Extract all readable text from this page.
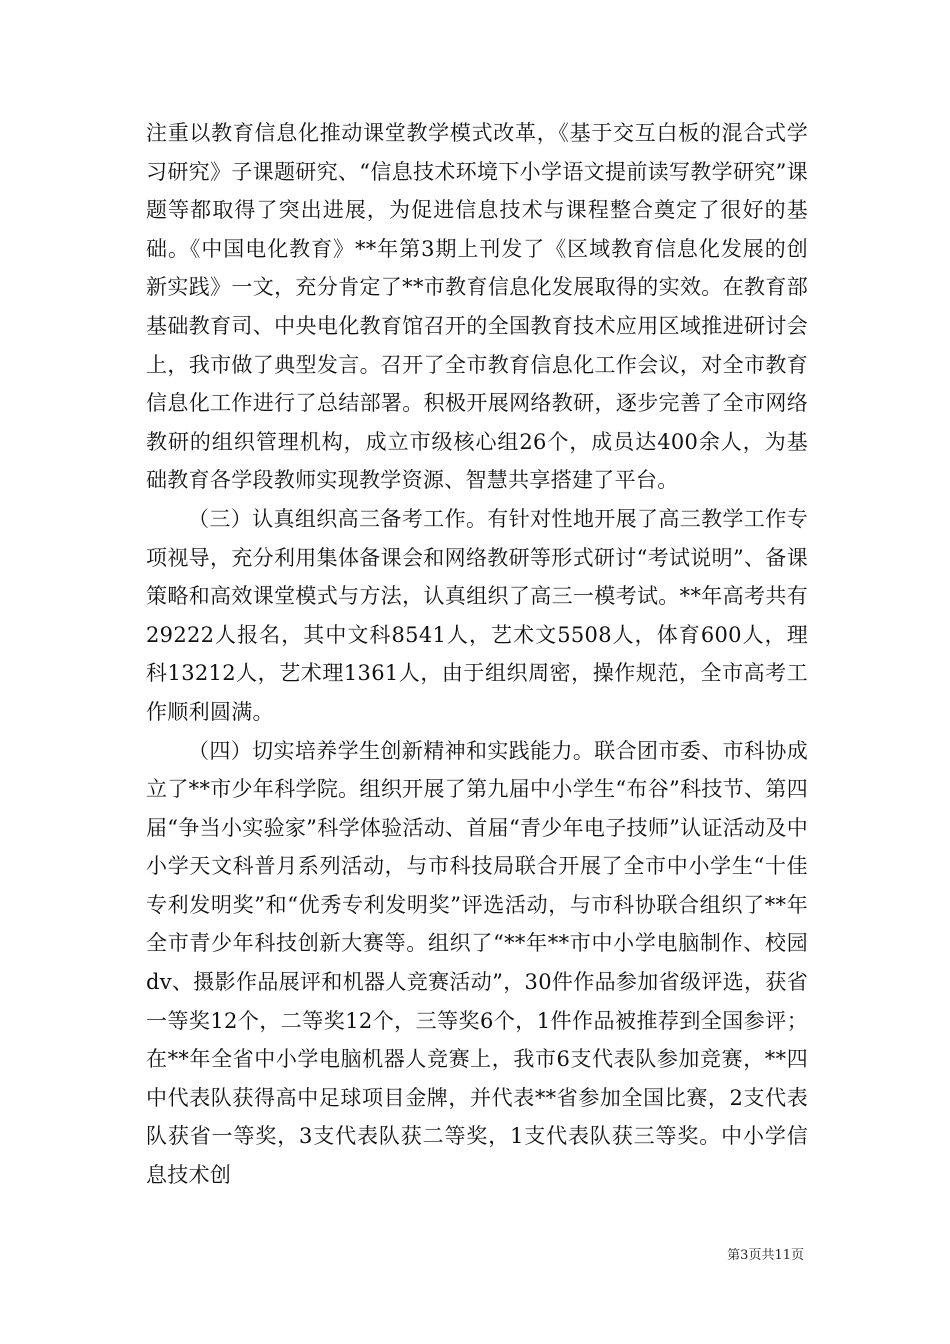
注重以教育信息化推动课堂教学模式改革，《基于交互白板的混合式学习研究》子课题研究、“信息技术环境下小学语文提前读写教学研究”课题等都取得了突出进展，为促进信息技术与课程整合奠定了很好的基础。《中国电化教育》**年第3期上刊发了《区域教育信息化发展的创新实践》一文，充分肯定了**市教育信息化发展取得的实效。在教育部基础教育司、中央电化教育馆召开的全国教育技术应用区域推进研讨会上，我市做了典型发言。召开了全市教育信息化工作会议，对全市教育信息化工作进行了总结部署。积极开展网络教研，逐步完善了全市网络教研的组织管理机构，成立市级核心组26个，成员达400余人，为基础教育各学段教师实现教学资源、智慧共享搭建了平台。

（三）认真组织高三备考工作。有针对性地开展了高三教学工作专项视导，充分利用集体备课会和网络教研等形式研讨“考试说明”、备课策略和高效课堂模式与方法，认真组织了高三一模考试。**年高考共有29222人报名，其中文科8541人，艺术文5508人，体育600人，理科13212人，艺术理1361人，由于组织周密，操作规范，全市高考工作顺利圆满。

（四）切实培养学生创新精神和实践能力。联合团市委、市科协成立了**市少年科学院。组织开展了第九届中小学生“布谷”科技节、第四届“争当小实验家”科学体验活动、首届“青少年电子技师”认证活动及中小学天文科普月系列活动，与市科技局联合开展了全市中小学生“十佳专利发明奖”和“优秀专利发明奖”评选活动，与市科协联合组织了**年全市青少年科技创新大赛等。组织了“**年**市中小学电脑制作、校园dv、摄影作品展评和机器人竞赛活动”，30件作品参加省级评选，获省一等奖12个，二等奖12个，三等奖6个，1件作品被推荐到全国参评；在**年全省中小学电脑机器人竞赛上，我市6支代表队参加竞赛，**四中代表队获得高中足球项目金牌，并代表**省参加全国比赛，2支代表队获省一等奖，3支代表队获二等奖，1支代表队获三等奖。中小学信息技术创

第3页共11页
